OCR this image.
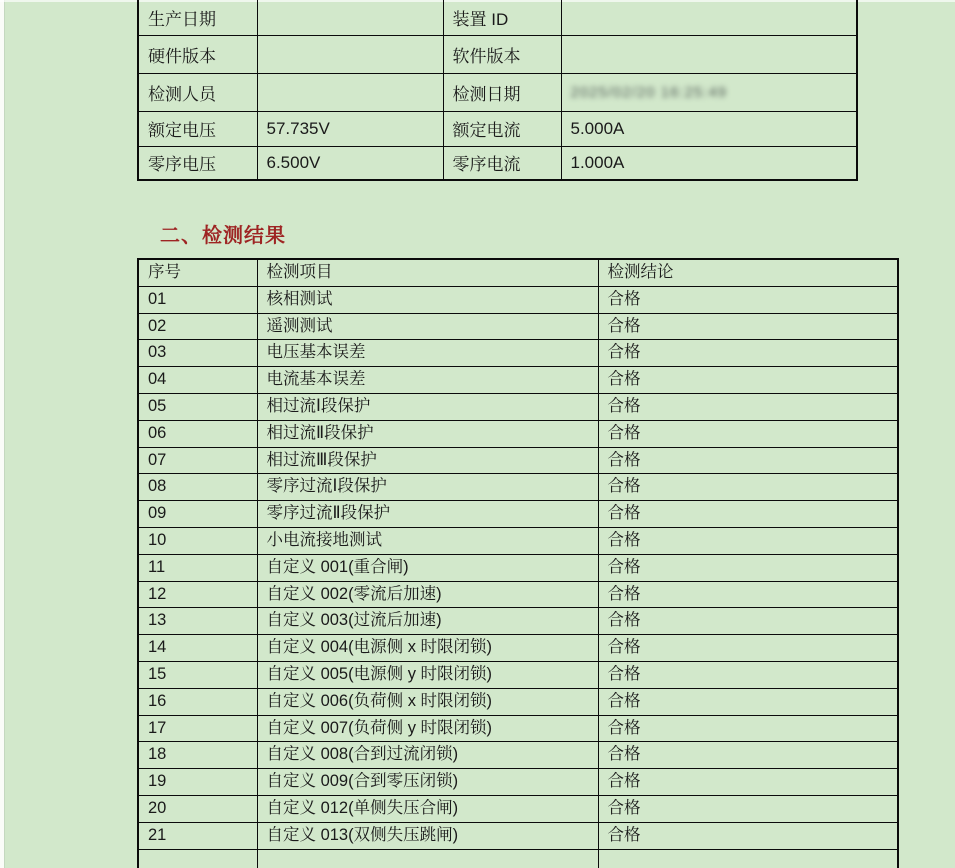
生产日期		装置 ID	
硬件版本		软件版本	
检测人员		检测日期	2025/02/20 16:25:49
额定电压	57.735V	额定电流	5.000A
零序电压	6.500V	零序电流	1.000A
二、检测结果
序号	检测项目	检测结论
01	核相测试	合格
02	遥测测试	合格
03	电压基本误差	合格
04	电流基本误差	合格
05	相过流Ⅰ段保护	合格
06	相过流Ⅱ段保护	合格
07	相过流Ⅲ段保护	合格
08	零序过流Ⅰ段保护	合格
09	零序过流Ⅱ段保护	合格
10	小电流接地测试	合格
11	自定义 001(重合闸)	合格
12	自定义 002(零流后加速)	合格
13	自定义 003(过流后加速)	合格
14	自定义 004(电源侧 x 时限闭锁)	合格
15	自定义 005(电源侧 y 时限闭锁)	合格
16	自定义 006(负荷侧 x 时限闭锁)	合格
17	自定义 007(负荷侧 y 时限闭锁)	合格
18	自定义 008(合到过流闭锁)	合格
19	自定义 009(合到零压闭锁)	合格
20	自定义 012(单侧失压合闸)	合格
21	自定义 013(双侧失压跳闸)	合格
